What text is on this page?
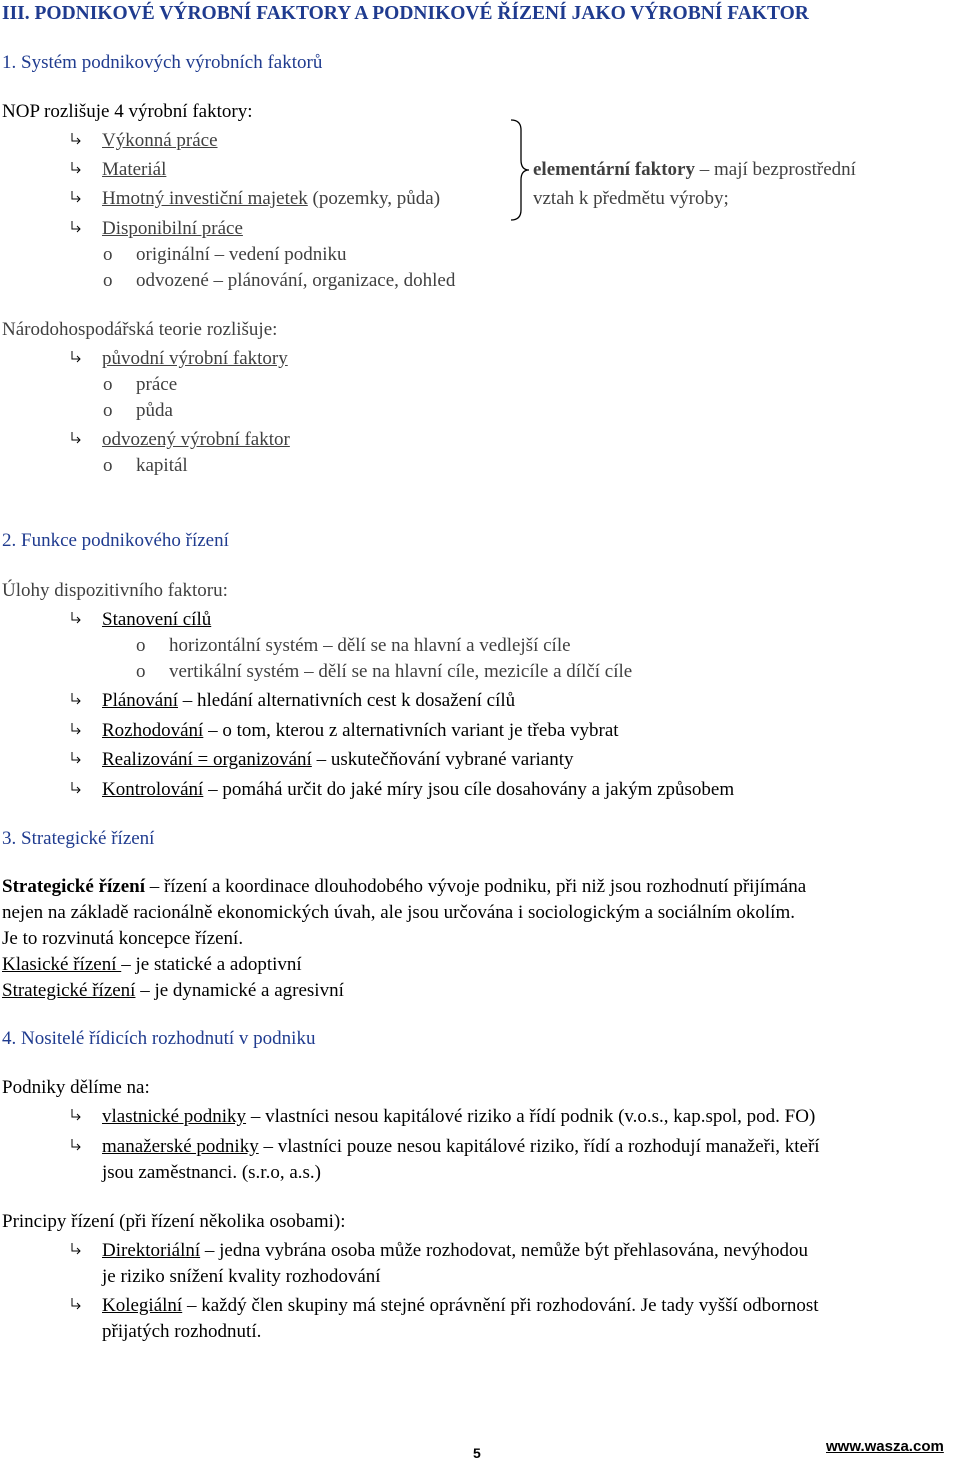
III. PODNIKOVÉ VÝROBNÍ FAKTORY A PODNIKOVÉ ŘÍZENÍ JAKO VÝROBNÍ FAKTOR
1. Systém podnikových výrobních faktorů
NOP rozlišuje 4 výrobní faktory:
Výkonná práce
Materiál
Hmotný investiční majetek (pozemky, půda)
Disponibilní práce
elementární faktory – mají bezprostřední
vztah k předmětu výroby;
o originální – vedení podniku
o odvozené – plánování, organizace, dohled
Národohospodářská teorie rozlišuje:
původní výrobní faktory
o práce
o půda
odvozený výrobní faktor
o kapitál
2. Funkce podnikového řízení
Úlohy dispozitivního faktoru:
Stanovení cílů
o horizontální systém – dělí se na hlavní a vedlejší cíle
o vertikální systém – dělí se na hlavní cíle, mezicíle a dílčí cíle
Plánování – hledání alternativních cest k dosažení cílů
Rozhodování – o tom, kterou z alternativních variant je třeba vybrat
Realizování = organizování – uskutečňování vybrané varianty
Kontrolování – pomáhá určit do jaké míry jsou cíle dosahovány a jakým způsobem
3. Strategické řízení
Strategické řízení – řízení a koordinace dlouhodobého vývoje podniku, při niž jsou rozhodnutí přijímána
nejen na základě racionálně ekonomických úvah, ale jsou určována i sociologickým a sociálním okolím.
Je to rozvinutá koncepce řízení.
Klasické řízení – je statické a adoptivní
Strategické řízení – je dynamické a agresivní
4. Nositelé řídicích rozhodnutí v podniku
Podniky dělíme na:
vlastnické podniky – vlastníci nesou kapitálové riziko a řídí podnik (v.o.s., kap.spol, pod. FO)
manažerské podniky – vlastníci pouze nesou kapitálové riziko, řídí a rozhodují manažeři, kteří
jsou zaměstnanci. (s.r.o, a.s.)
Principy řízení (při řízení několika osobami):
Direktoriální – jedna vybrána osoba může rozhodovat, nemůže být přehlasována, nevýhodou
je riziko snížení kvality rozhodování
Kolegiální – každý člen skupiny má stejné oprávnění při rozhodování. Je tady vyšší odbornost
přijatých rozhodnutí.
5	www.wasza.com
